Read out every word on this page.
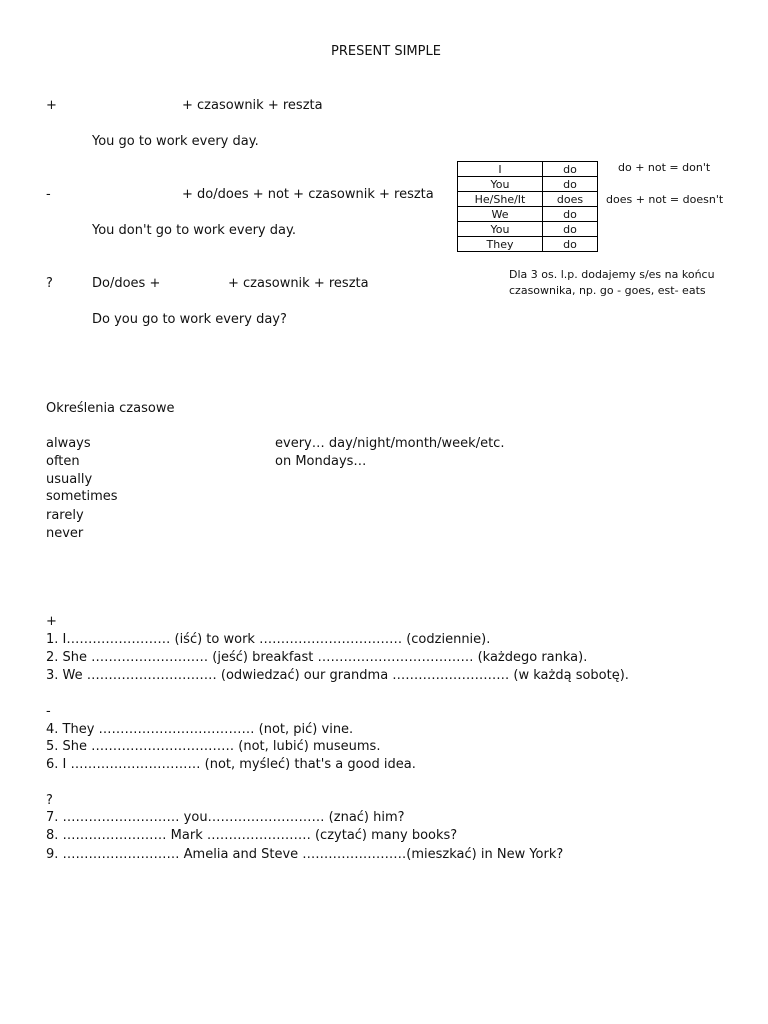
PRESENT SIMPLE
+	+ czasownik + reszta
You go to work every day.
-	+ do/does + not + czasownik + reszta
You don't go to work every day.
?	Do/does +	+ czasownik + reszta
Do you go to work every day?
I	do
You	do
He/She/It	does
We	do
You	do
They	do
do + not = don't
does + not = doesn't
Dla 3 os. l.p. dodajemy s/es na końcu
czasownika, np. go - goes, est- eats
Określenia czasowe
always
often
usually
sometimes
rarely
never
every… day/night/month/week/etc.
on Mondays…
+
1. I…………………… (iść) to work …………………………… (codziennie).
2. She ……………………… (jeść) breakfast ……………………………… (każdego ranka).
3. We ………………………… (odwiedzać) our grandma ……………………… (w każdą sobotę).
-
4. They ……………………………… (not, pić) vine.
5. She …………………………… (not, lubić) museums.
6. I ………………………… (not, myśleć) that's a good idea.
?
7. ……………………… you……………………… (znać) him?
8. …………………… Mark …………………… (czytać) many books?
9. ……………………… Amelia and Steve ……………………(mieszkać) in New York?
